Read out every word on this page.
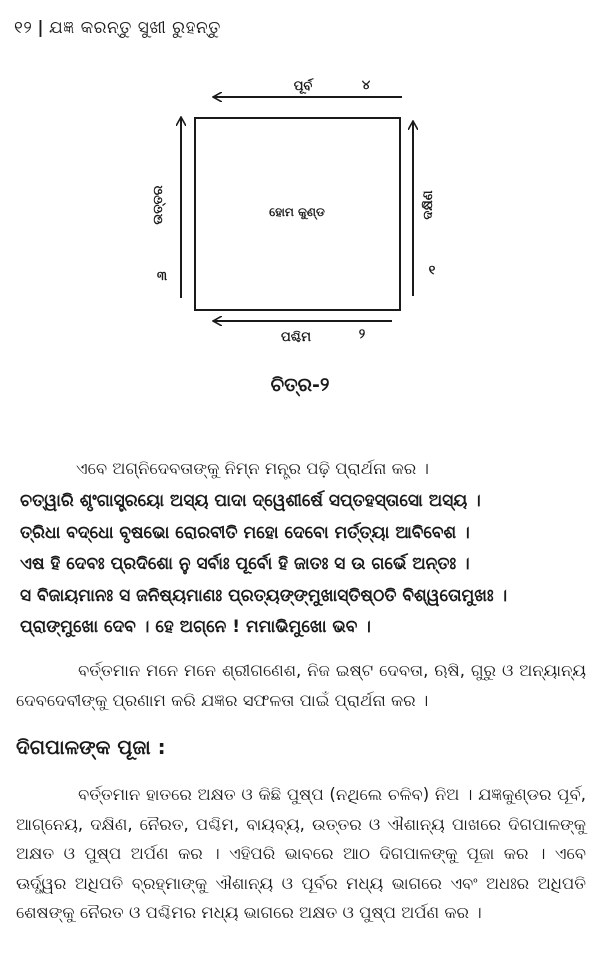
୧୨ | ଯଜ୍ଞ କରନ୍ତୁ ସୁଖୀ ରୁହନ୍ତୁ
ହୋମ କୁଣ୍ଡ
ପୂର୍ବ	୪
ପଶ୍ଚିମ	୨
ଉତ୍ତର
୩
ଦକ୍ଷିଣ
୧
ଚିତ୍ର-୨
ଏବେ ଅଗ୍ନିଦେବତାଙ୍କୁ ନିମ୍ନ ମନ୍ତ୍ର ପଢ଼ି ପ୍ରାର୍ଥନା କର ।
ଚତ୍ୱାରି ଶୃଂଗାସ୍ତ୍ରୟୋ ଅସ୍ୟ ପାଦା ଦ୍ୱେଶୀର୍ଷେ ସପ୍ତହସ୍ତାସୋ ଅସ୍ୟ ।
ତ୍ରିଧା ବଦ୍ଧୋ ବୃଷଭୋ ରୋରବୀତି ମହୋ ଦେବୋ ମର୍ତ୍ତ୍ୟା ଆବିବେଶ ।
ଏଷ ହି ଦେବଃ ପ୍ରଦିଶୋ ନୁ ସର୍ବାଃ ପୂର୍ବୋ ହି ଜାତଃ ସ ଉ ଗର୍ଭେ ଅନ୍ତଃ ।
ସ ବିଜାୟମାନଃ ସ ଜନିଷ୍ୟମାଣଃ ପ୍ରତ୍ୟଙ୍ଙ୍ମୁଖାସ୍ତିଷ୍ଠତି ବିଶ୍ୱତୋମୁଖଃ ।
ପ୍ରାଙ୍ମୁଖୋ ଦେବ । ହେ ଅଗ୍ନେ ! ମମାଭିମୁଖୋ ଭବ ।
ବର୍ତ୍ତମାନ ମନେ ମନେ ଶ୍ରୀଗଣେଶ, ନିଜ ଇଷ୍ଟ ଦେବତା, ଋଷି, ଗୁରୁ ଓ ଅନ୍ୟାନ୍ୟ ଦେବଦେବୀଙ୍କୁ ପ୍ରଣାମ କରି ଯଜ୍ଞର ସଫଳତା ପାଇଁ ପ୍ରାର୍ଥନା କର ।
ଦିଗପାଳଙ୍କ ପୂଜା :
ବର୍ତ୍ତମାନ ହାତରେ ଅକ୍ଷତ ଓ କିଛି ପୁଷ୍ପ (ନଥିଲେ ଚଳିବ) ନିଅ । ଯଜ୍ଞକୁଣ୍ଡର ପୂର୍ବ, ଆଗ୍ନେୟ, ଦକ୍ଷିଣ, ନୈରତ, ପଶ୍ଚିମ, ବାୟବ୍ୟ, ଉତ୍ତର ଓ ଐଶାନ୍ୟ ପାଖରେ ଦିଗପାଳଙ୍କୁ ଅକ୍ଷତ ଓ ପୁଷ୍ପ ଅର୍ପଣ କର । ଏହିପରି ଭାବରେ ଆଠ ଦିଗପାଳଙ୍କୁ ପୂଜା କର । ଏବେ ଊର୍ଦ୍ଧ୍ୱର ଅଧିପତି ବ୍ରହ୍ମାଙ୍କୁ ଐଶାନ୍ୟ ଓ ପୂର୍ବର ମଧ୍ୟ ଭାଗରେ ଏବଂ ଅଧଃର ଅଧିପତି ଶେଷଙ୍କୁ ନୈରତ ଓ ପଶ୍ଚିମର ମଧ୍ୟ ଭାଗରେ ଅକ୍ଷତ ଓ ପୁଷ୍ପ ଅର୍ପଣ କର ।
